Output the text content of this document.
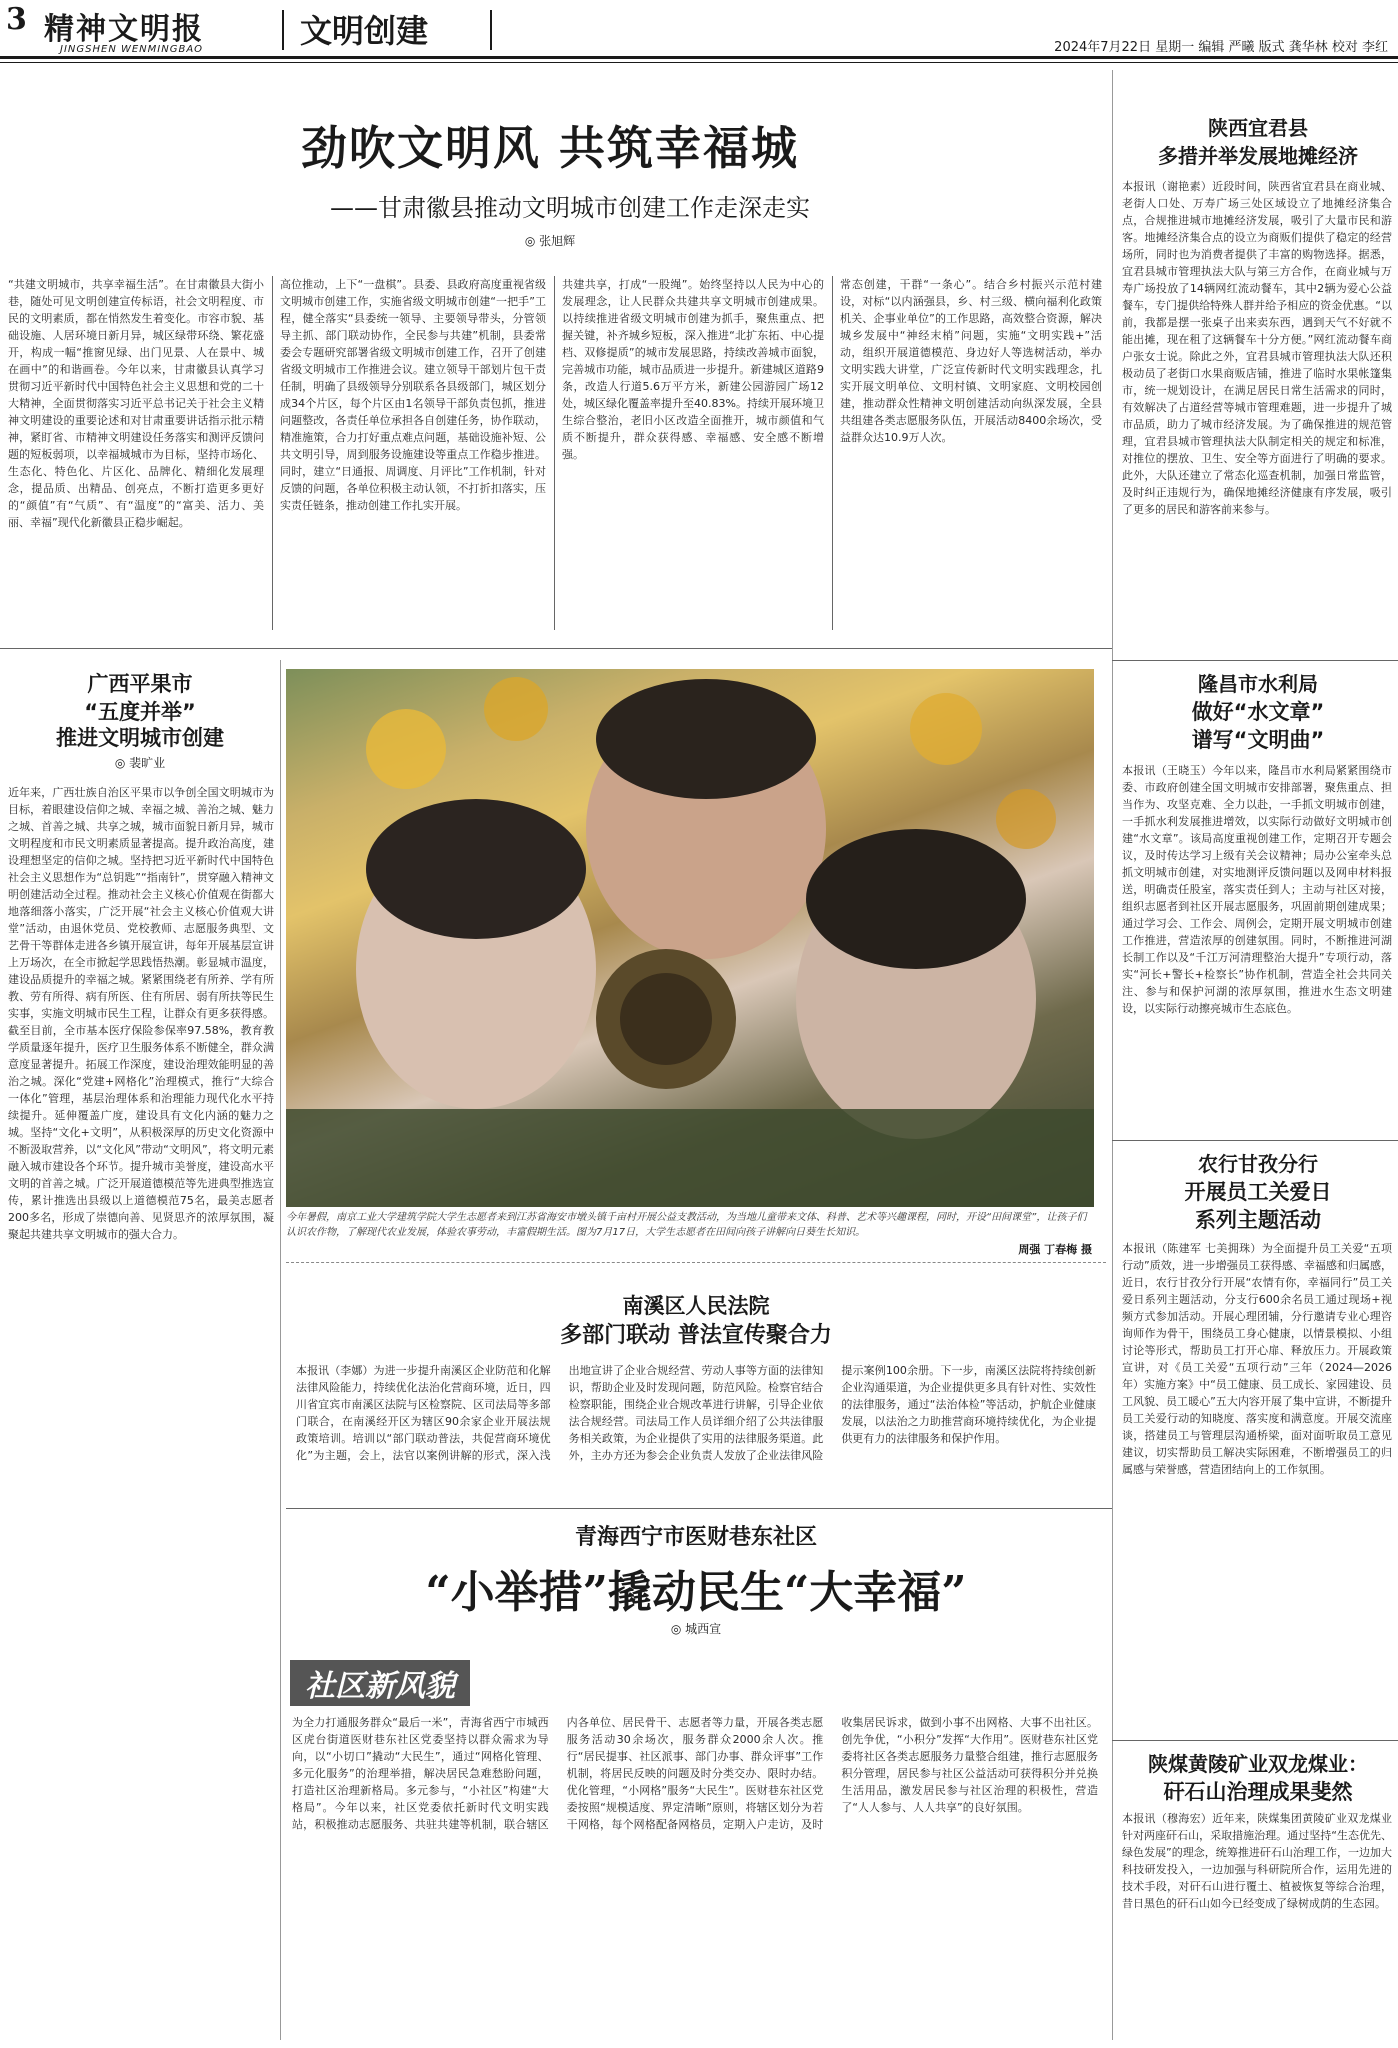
3 精神文明报
JINGSHEN WENMINGBAO	文明创建	2024年7月22日 星期一 编辑 严曦 版式 龚华林 校对 李红
劲吹文明风 共筑幸福城
——甘肃徽县推动文明城市创建工作走深走实
◎ 张旭辉
“共建文明城市，共享幸福生活”。在甘肃徽县大街小巷，随处可见文明创建宣传标语，社会文明程度、市民的文明素质，都在悄然发生着变化。市容市貌、基础设施、人居环境日新月异，城区绿带环绕、繁花盛开，构成一幅“推窗见绿、出门见景、人在景中、城在画中”的和谐画卷。今年以来，甘肃徽县认真学习贯彻习近平新时代中国特色社会主义思想和党的二十大精神，全面贯彻落实习近平总书记关于社会主义精神文明建设的重要论述和对甘肃重要讲话指示批示精神，紧盯省、市精神文明建设任务落实和测评反馈问题的短板弱项，以幸福城城市为目标，坚持市场化、生态化、特色化、片区化、品牌化、精细化发展理念，提品质、出精品、创亮点，不断打造更多更好的“颜值”有“气质”、有“温度”的“富美、活力、美丽、幸福”现代化新徽县正稳步崛起。
高位推动，上下“一盘棋”。县委、县政府高度重视省级文明城市创建工作，实施省级文明城市创建“一把手”工程，健全落实“县委统一领导、主要领导带头，分管领导主抓、部门联动协作，全民参与共建”机制，县委常委会专题研究部署省级文明城市创建工作，召开了创建省级文明城市工作推进会议。建立领导干部划片包干责任制，明确了县级领导分别联系各县级部门，城区划分成34个片区，每个片区由1名领导干部负责包抓，推进问题整改，各责任单位承担各自创建任务，协作联动，精准施策，合力打好重点难点问题，基础设施补短、公共文明引导，周到服务设施建设等重点工作稳步推进。同时，建立“日通报、周调度、月评比”工作机制，针对反馈的问题，各单位积极主动认领，不打折扣落实，压实责任链条，推动创建工作扎实开展。
共建共享，打成“一股绳”。始终坚持以人民为中心的发展理念，让人民群众共建共享文明城市创建成果。以持续推进省级文明城市创建为抓手，聚焦重点、把握关键，补齐城乡短板，深入推进“北扩东拓、中心提档、双修提质”的城市发展思路，持续改善城市面貌，完善城市功能，城市品质进一步提升。新建城区道路9条，改造人行道5.6万平方米，新建公园游园广场12处，城区绿化覆盖率提升至40.83%。持续开展环境卫生综合整治，老旧小区改造全面推开，城市颜值和气质不断提升，群众获得感、幸福感、安全感不断增强。
常态创建，干群“一条心”。结合乡村振兴示范村建设，对标“以内涵强县，乡、村三级、横向福利化政策机关、企事业单位”的工作思路，高效整合资源，解决城乡发展中“神经末梢”问题，实施“文明实践+”活动，组织开展道德模范、身边好人等选树活动，举办文明实践大讲堂，广泛宣传新时代文明实践理念，扎实开展文明单位、文明村镇、文明家庭、文明校园创建，推动群众性精神文明创建活动向纵深发展，全县共组建各类志愿服务队伍，开展活动8400余场次，受益群众达10.9万人次。
陕西宜君县
多措并举发展地摊经济
本报讯（谢艳素）近段时间，陕西省宜君县在商业城、老街人口处、万寿广场三处区域设立了地摊经济集合点，合规推进城市地摊经济发展，吸引了大量市民和游客。地摊经济集合点的设立为商贩们提供了稳定的经营场所，同时也为消费者提供了丰富的购物选择。据悉，宜君县城市管理执法大队与第三方合作，在商业城与万寿广场投放了14辆网红流动餐车，其中2辆为爱心公益餐车，专门提供给特殊人群并给予相应的资金优惠。“以前，我都是摆一张桌子出来卖东西，遇到天气不好就不能出摊，现在租了这辆餐车十分方便。”网红流动餐车商户张女士说。除此之外，宜君县城市管理执法大队还积极动员了老街口水果商贩店铺，推进了临时水果帐篷集市，统一规划设计，在满足居民日常生活需求的同时，有效解决了占道经营等城市管理难题，进一步提升了城市品质，助力了城市经济发展。为了确保推进的规范管理，宜君县城市管理执法大队制定相关的规定和标准，对推位的摆放、卫生、安全等方面进行了明确的要求。此外，大队还建立了常态化巡查机制，加强日常监管，及时纠正违规行为，确保地摊经济健康有序发展，吸引了更多的居民和游客前来参与。
广西平果市
“五度并举”
推进文明城市创建
◎ 裴旷业
近年来，广西壮族自治区平果市以争创全国文明城市为目标，着眼建设信仰之城、幸福之城、善治之城、魅力之城、首善之城、共享之城，城市面貌日新月异，城市文明程度和市民文明素质显著提高。提升政治高度，建设理想坚定的信仰之城。坚持把习近平新时代中国特色社会主义思想作为“总钥匙”“指南针”，贯穿融入精神文明创建活动全过程。推动社会主义核心价值观在街都大地落细落小落实，广泛开展“社会主义核心价值观大讲堂”活动，由退休党员、党校教师、志愿服务典型、文艺骨干等群体走进各乡镇开展宣讲，每年开展基层宣讲上万场次，在全市掀起学思践悟热潮。彰显城市温度，建设品质提升的幸福之城。紧紧围绕老有所养、学有所教、劳有所得、病有所医、住有所居、弱有所扶等民生实事，实施文明城市民生工程，让群众有更多获得感。截至目前，全市基本医疗保险参保率97.58%，教育教学质量逐年提升，医疗卫生服务体系不断健全，群众满意度显著提升。拓展工作深度，建设治理效能明显的善治之城。深化“党建+网格化”治理模式，推行“大综合一体化”管理，基层治理体系和治理能力现代化水平持续提升。延伸覆盖广度，建设具有文化内涵的魅力之城。坚持“文化+文明”，从积极深厚的历史文化资源中不断汲取营养，以“文化风”带动“文明风”，将文明元素融入城市建设各个环节。提升城市美誉度，建设高水平文明的首善之城。广泛开展道德模范等先进典型推选宣传，累计推选出县级以上道德模范75名，最美志愿者200多名，形成了崇德向善、见贤思齐的浓厚氛围，凝聚起共建共享文明城市的强大合力。
今年暑假，南京工业大学建筑学院大学生志愿者来到江苏省海安市墩头镇千亩村开展公益支教活动，为当地儿童带来文体、科普、艺术等兴趣课程，同时，开设“田间课堂”，让孩子们认识农作物，了解现代农业发展，体验农事劳动，丰富假期生活。图为7月17日，大学生志愿者在田间向孩子讲解向日葵生长知识。
周强 丁春梅 摄
隆昌市水利局
做好“水文章”
谱写“文明曲”
本报讯（王晓玉）今年以来，隆昌市水利局紧紧围绕市委、市政府创建全国文明城市安排部署，聚焦重点、担当作为、攻坚克难、全力以赴，一手抓文明城市创建，一手抓水利发展推进增效，以实际行动做好文明城市创建“水文章”。该局高度重视创建工作，定期召开专题会议，及时传达学习上级有关会议精神；局办公室牵头总抓文明城市创建，对实地测评反馈问题以及网申材料报送，明确责任股室，落实责任到人；主动与社区对接，组织志愿者到社区开展志愿服务，巩固前期创建成果；通过学习会、工作会、周例会，定期开展文明城市创建工作推进，营造浓厚的创建氛围。同时，不断推进河湖长制工作以及“千江万河清理整治大提升”专项行动，落实“河长+警长+检察长”协作机制，营造全社会共同关注、参与和保护河湖的浓厚氛围，推进水生态文明建设，以实际行动擦亮城市生态底色。
农行甘孜分行
开展员工关爱日
系列主题活动
本报讯（陈建军 七美拥珠）为全面提升员工关爱“五项行动”质效，进一步增强员工获得感、幸福感和归属感，近日，农行甘孜分行开展“农情有你，幸福同行”员工关爱日系列主题活动，分支行600余名员工通过现场+视频方式参加活动。开展心理团辅，分行邀请专业心理咨询师作为骨干，围绕员工身心健康，以情景模拟、小组讨论等形式，帮助员工打开心扉、释放压力。开展政策宣讲，对《员工关爱“五项行动”三年（2024—2026年）实施方案》中“员工健康、员工成长、家园建设、员工风貌、员工暖心”五大内容开展了集中宣讲，不断提升员工关爱行动的知晓度、落实度和满意度。开展交流座谈，搭建员工与管理层沟通桥梁，面对面听取员工意见建议，切实帮助员工解决实际困难，不断增强员工的归属感与荣誉感，营造团结向上的工作氛围。
陕煤黄陵矿业双龙煤业：
矸石山治理成果斐然
本报讯（穆海宏）近年来，陕煤集团黄陵矿业双龙煤业针对两座矸石山，采取措施治理。通过坚持“生态优先、绿色发展”的理念，统筹推进矸石山治理工作，一边加大科技研发投入，一边加强与科研院所合作，运用先进的技术手段，对矸石山进行覆土、植被恢复等综合治理，昔日黑色的矸石山如今已经变成了绿树成荫的生态园。
南溪区人民法院
多部门联动 普法宣传聚合力
本报讯（李娜）为进一步提升南溪区企业防范和化解法律风险能力，持续优化法治化营商环境，近日，四川省宜宾市南溪区法院与区检察院、区司法局等多部门联合，在南溪经开区为辖区90余家企业开展法规政策培训。培训以“部门联动普法，共促营商环境优化”为主题，会上，法官以案例讲解的形式，深入浅出地宣讲了企业合规经营、劳动人事等方面的法律知识，帮助企业及时发现问题，防范风险。检察官结合检察职能，围绕企业合规改革进行讲解，引导企业依法合规经营。司法局工作人员详细介绍了公共法律服务相关政策，为企业提供了实用的法律服务渠道。此外，主办方还为参会企业负责人发放了企业法律风险提示案例100余册。下一步，南溪区法院将持续创新企业沟通渠道，为企业提供更多具有针对性、实效性的法律服务，通过“法治体检”等活动，护航企业健康发展，以法治之力助推营商环境持续优化，为企业提供更有力的法律服务和保护作用。
青海西宁市医财巷东社区
“小举措”撬动民生“大幸福”
◎ 城西宣
社区新风貌
为全力打通服务群众“最后一米”，青海省西宁市城西区虎台街道医财巷东社区党委坚持以群众需求为导向，以“小切口”撬动“大民生”，通过“网格化管理、多元化服务”的治理举措，解决居民急难愁盼问题，打造社区治理新格局。多元参与，“小社区”构建“大格局”。今年以来，社区党委依托新时代文明实践站，积极推动志愿服务、共驻共建等机制，联合辖区内各单位、居民骨干、志愿者等力量，开展各类志愿服务活动30余场次，服务群众2000余人次。推行“居民提事、社区派事、部门办事、群众评事”工作机制，将居民反映的问题及时分类交办、限时办结。优化管理，“小网格”服务“大民生”。医财巷东社区党委按照“规模适度、界定清晰”原则，将辖区划分为若干网格，每个网格配备网格员，定期入户走访，及时收集居民诉求，做到小事不出网格、大事不出社区。创先争优，“小积分”发挥“大作用”。医财巷东社区党委将社区各类志愿服务力量整合组建，推行志愿服务积分管理，居民参与社区公益活动可获得积分并兑换生活用品，激发居民参与社区治理的积极性，营造了“人人参与、人人共享”的良好氛围。
